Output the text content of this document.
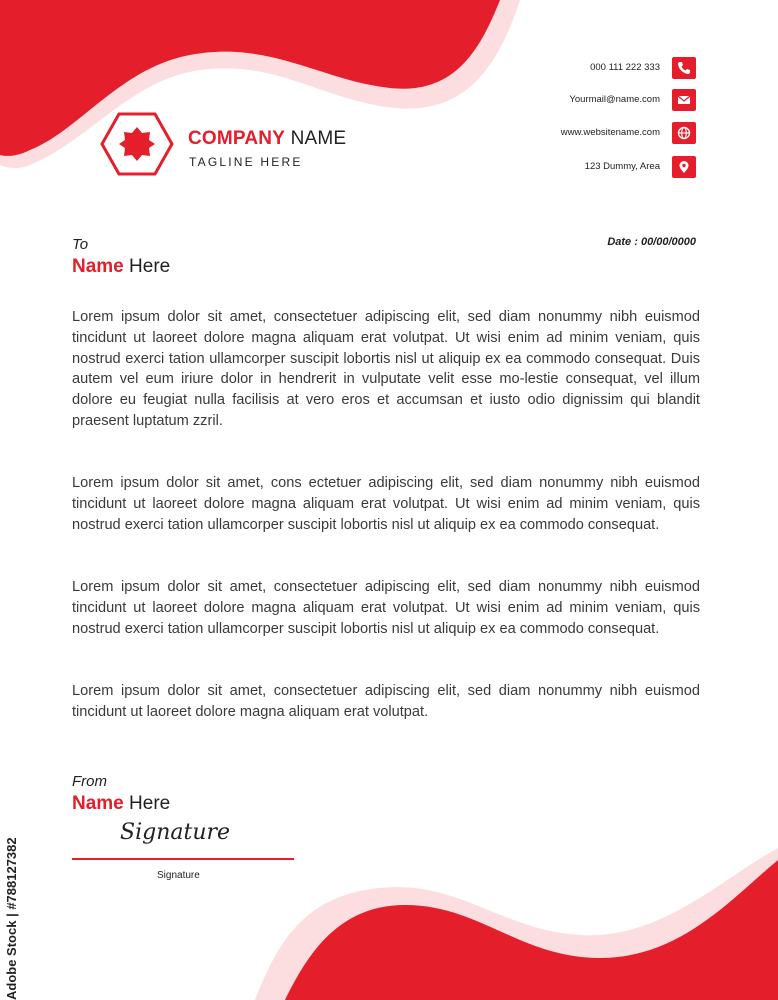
Adobe Stock | #788127382
COMPANY NAME
TAGLINE HERE
000 111 222 333
Yourmail@name.com
www.websitename.com
123 Dummy, Area
To
Name Here
Date : 00/00/0000
Lorem ipsum dolor sit amet, consectetuer adipiscing elit, sed diam nonummy nibh euismod tincidunt ut laoreet dolore magna aliquam erat volutpat. Ut wisi enim ad minim veniam, quis nostrud exerci tation ullamcorper suscipit lobortis nisl ut aliquip ex ea commodo consequat. Duis autem vel eum iriure dolor in hendrerit in vulputate velit esse mo-lestie consequat, vel illum dolore eu feugiat nulla facilisis at vero eros et accumsan et iusto odio dignissim qui blandit praesent luptatum zzril.
Lorem ipsum dolor sit amet, cons ectetuer adipiscing elit, sed diam nonummy nibh euismod tincidunt ut laoreet dolore magna aliquam erat volutpat. Ut wisi enim ad minim veniam, quis nostrud exerci tation ullamcorper suscipit lobortis nisl ut aliquip ex ea commodo consequat.
Lorem ipsum dolor sit amet, consectetuer adipiscing elit, sed diam nonummy nibh euismod tincidunt ut laoreet dolore magna aliquam erat volutpat. Ut wisi enim ad minim veniam, quis nostrud exerci tation ullamcorper suscipit lobortis nisl ut aliquip ex ea commodo consequat.
Lorem ipsum dolor sit amet, consectetuer adipiscing elit, sed diam nonummy nibh euismod tincidunt ut laoreet dolore magna aliquam erat volutpat.
From
Name Here
Signature
Signature
